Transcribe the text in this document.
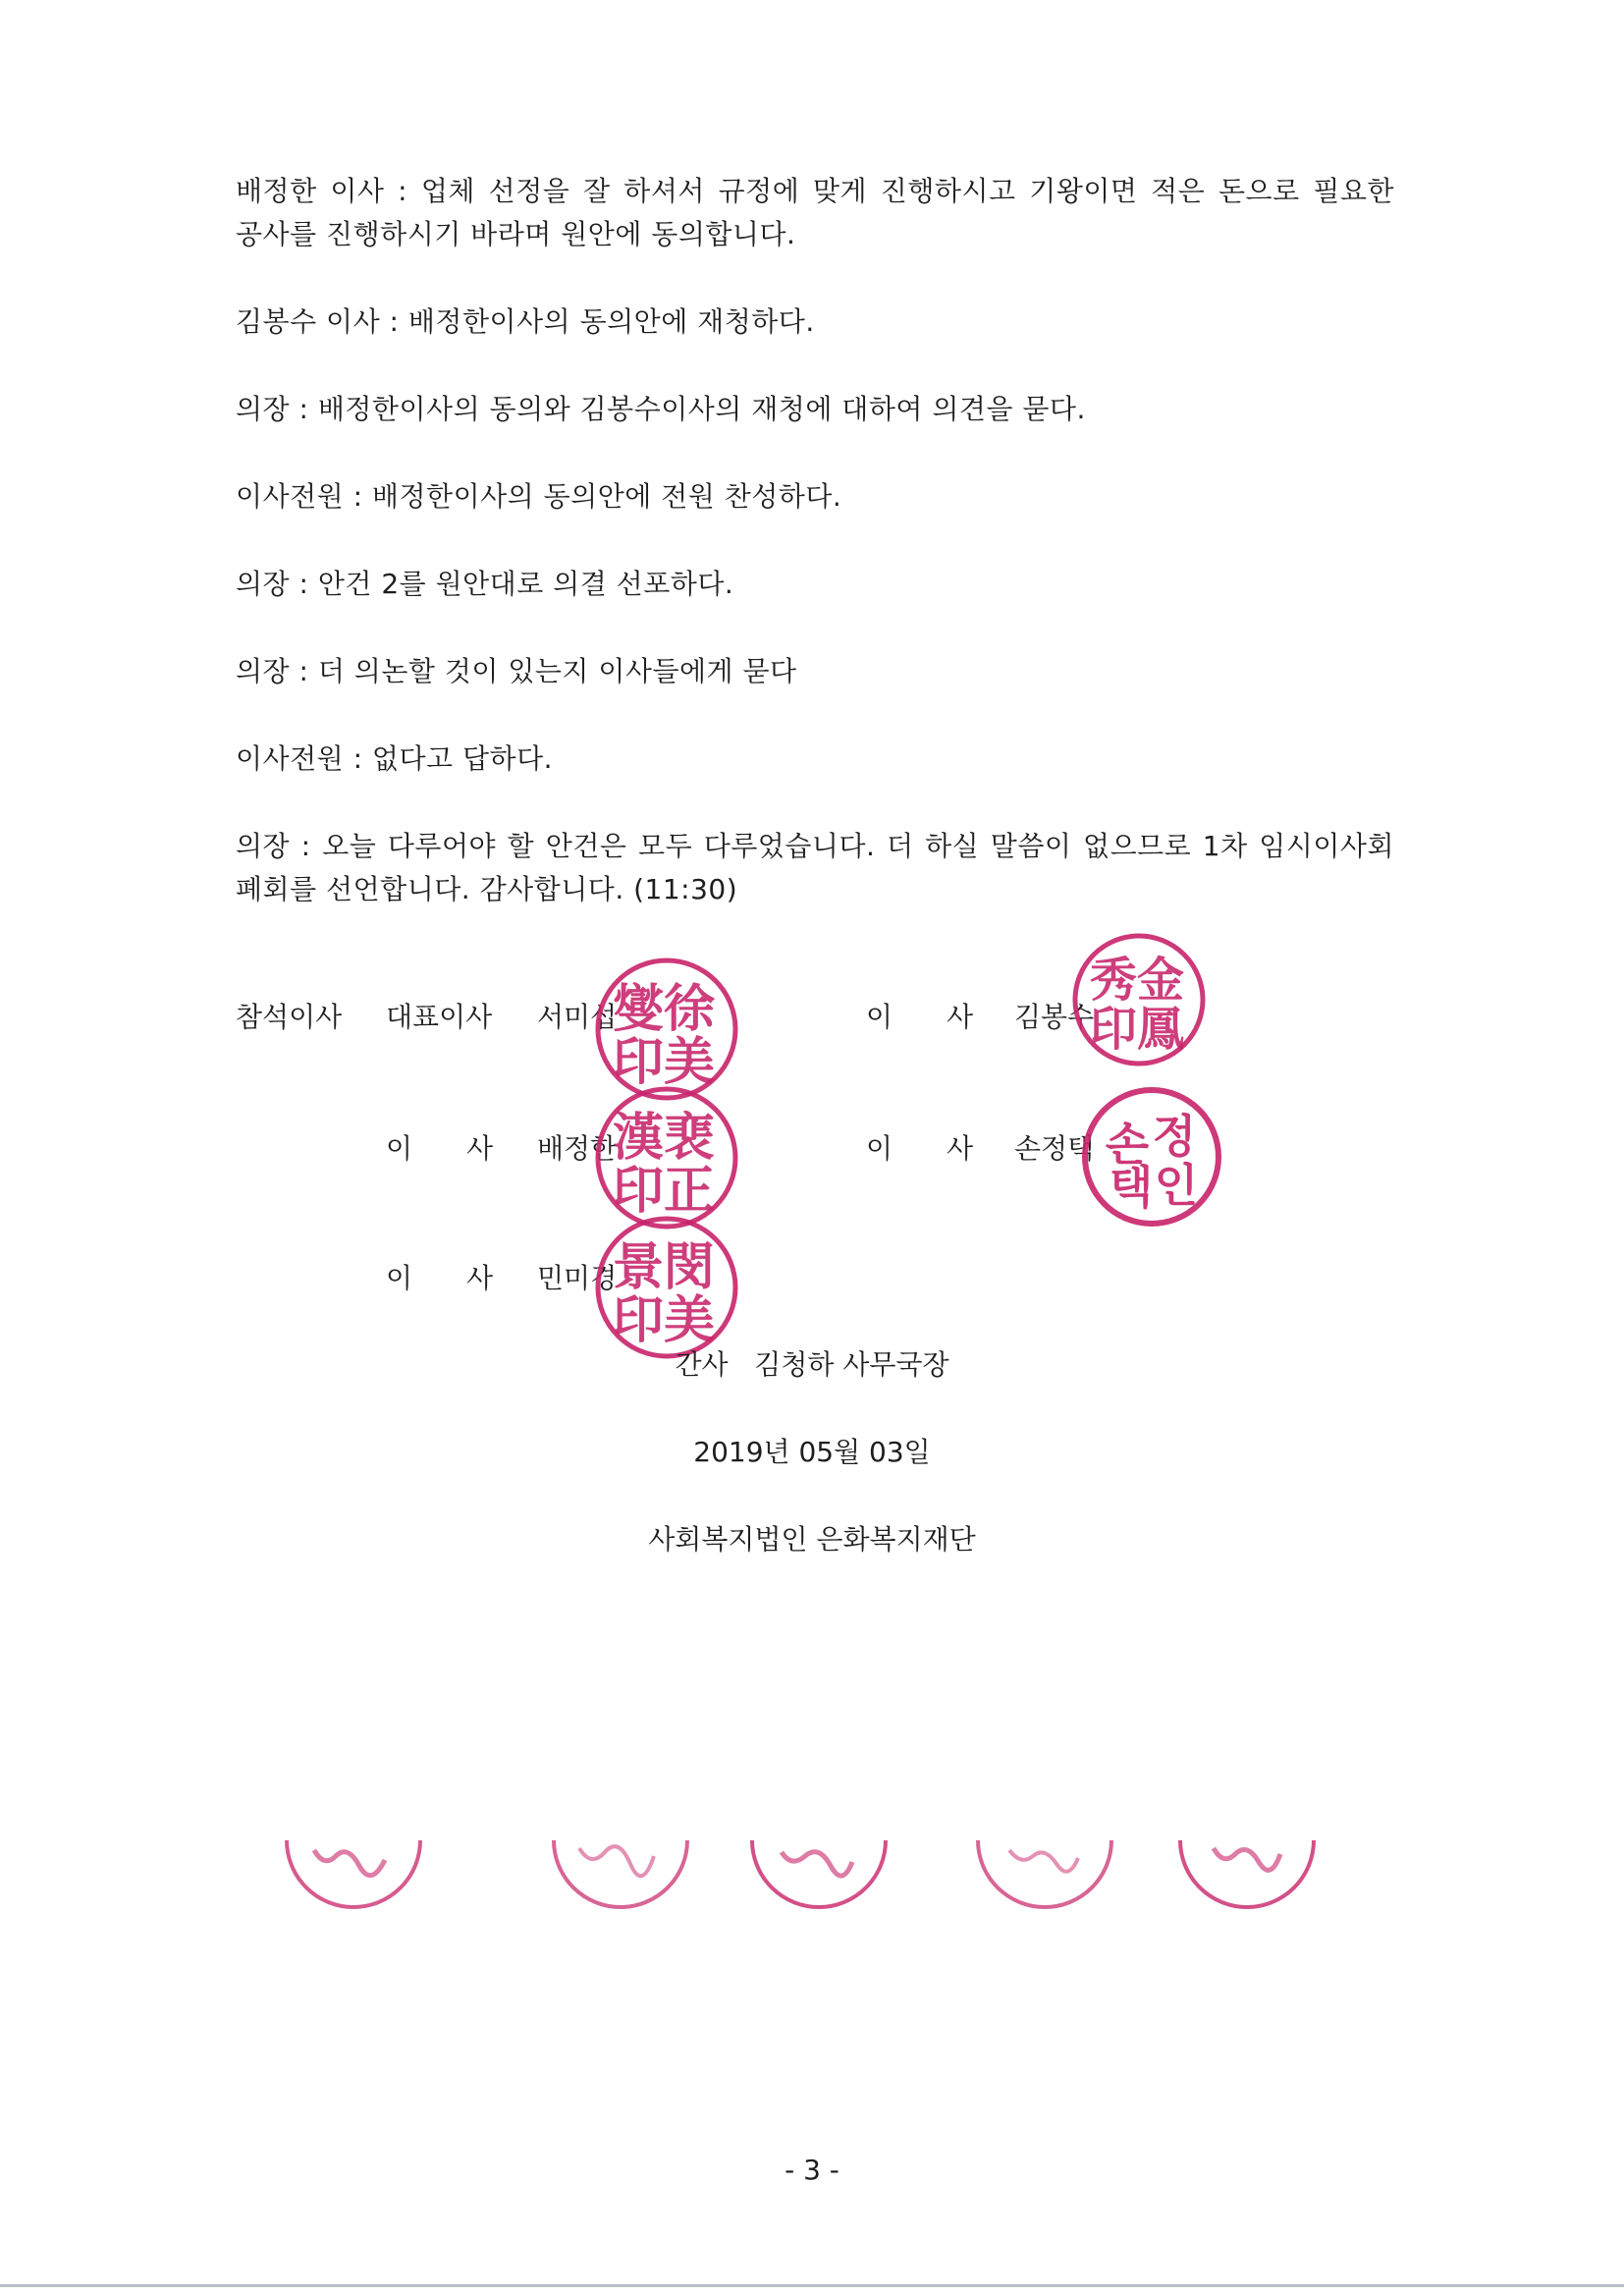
배정한 이사 : 업체 선정을 잘 하셔서 규정에 맞게 진행하시고 기왕이면 적은 돈으로 필요한 공사를 진행하시기 바라며 원안에 동의합니다.

김봉수 이사 : 배정한이사의 동의안에 재청하다.

의장 : 배정한이사의 동의와 김봉수이사의 재청에 대하여 의견을 묻다.

이사전원 : 배정한이사의 동의안에 전원 찬성하다.

의장 : 안건 2를 원안대로 의결 선포하다.

의장 : 더 의논할 것이 있는지 이사들에게 묻다

이사전원 : 없다고 답하다.

의장 : 오늘 다루어야 할 안건은 모두 다루었습니다. 더 하실 말씀이 없으므로 1차 임시이사회 폐회를 선언합니다. 감사합니다. (11:30)

참석이사 대표이사 서미섭	이 사 김봉수
이 사 배정한	이 사 손정택
이 사 민미경
徐
美
印
燮	金
鳳
印
秀
裵
正
印
漢	정
인
택
손
閔
美
印
景
간사   김청하 사무국장
2019년 05월 03일
사회복지법인 은화복지재단
- 3 -
